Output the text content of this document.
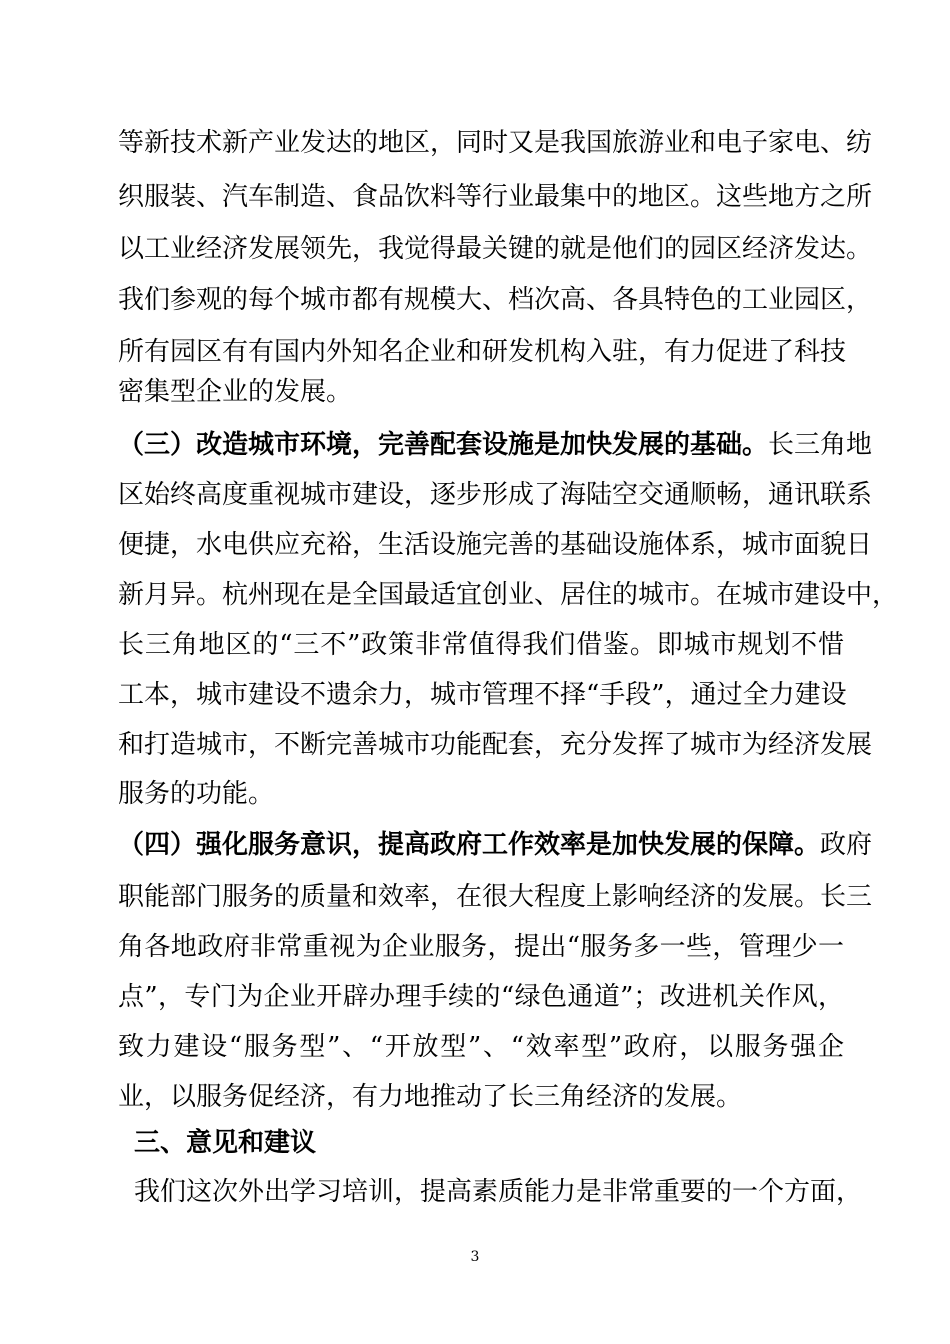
等新技术新产业发达的地区，同时又是我国旅游业和电子家电、纺
织服装、汽车制造、食品饮料等行业最集中的地区。这些地方之所
以工业经济发展领先，我觉得最关键的就是他们的园区经济发达。
我们参观的每个城市都有规模大、档次高、各具特色的工业园区，
所有园区有有国内外知名企业和研发机构入驻，有力促进了科技
密集型企业的发展。
（三）改造城市环境，完善配套设施是加快发展的基础。长三角地
区始终高度重视城市建设，逐步形成了海陆空交通顺畅，通讯联系
便捷，水电供应充裕，生活设施完善的基础设施体系，城市面貌日
新月异。杭州现在是全国最适宜创业、居住的城市。在城市建设中，
长三角地区的“三不”政策非常值得我们借鉴。即城市规划不惜
工本，城市建设不遗余力，城市管理不择“手段”，通过全力建设
和打造城市，不断完善城市功能配套，充分发挥了城市为经济发展
服务的功能。
（四）强化服务意识，提高政府工作效率是加快发展的保障。政府
职能部门服务的质量和效率，在很大程度上影响经济的发展。长三
角各地政府非常重视为企业服务，提出“服务多一些，管理少一
点”，专门为企业开辟办理手续的“绿色通道”；改进机关作风，
致力建设“服务型”、“开放型”、“效率型”政府，以服务强企
业，以服务促经济，有力地推动了长三角经济的发展。
三、意见和建议
我们这次外出学习培训，提高素质能力是非常重要的一个方面，
3
